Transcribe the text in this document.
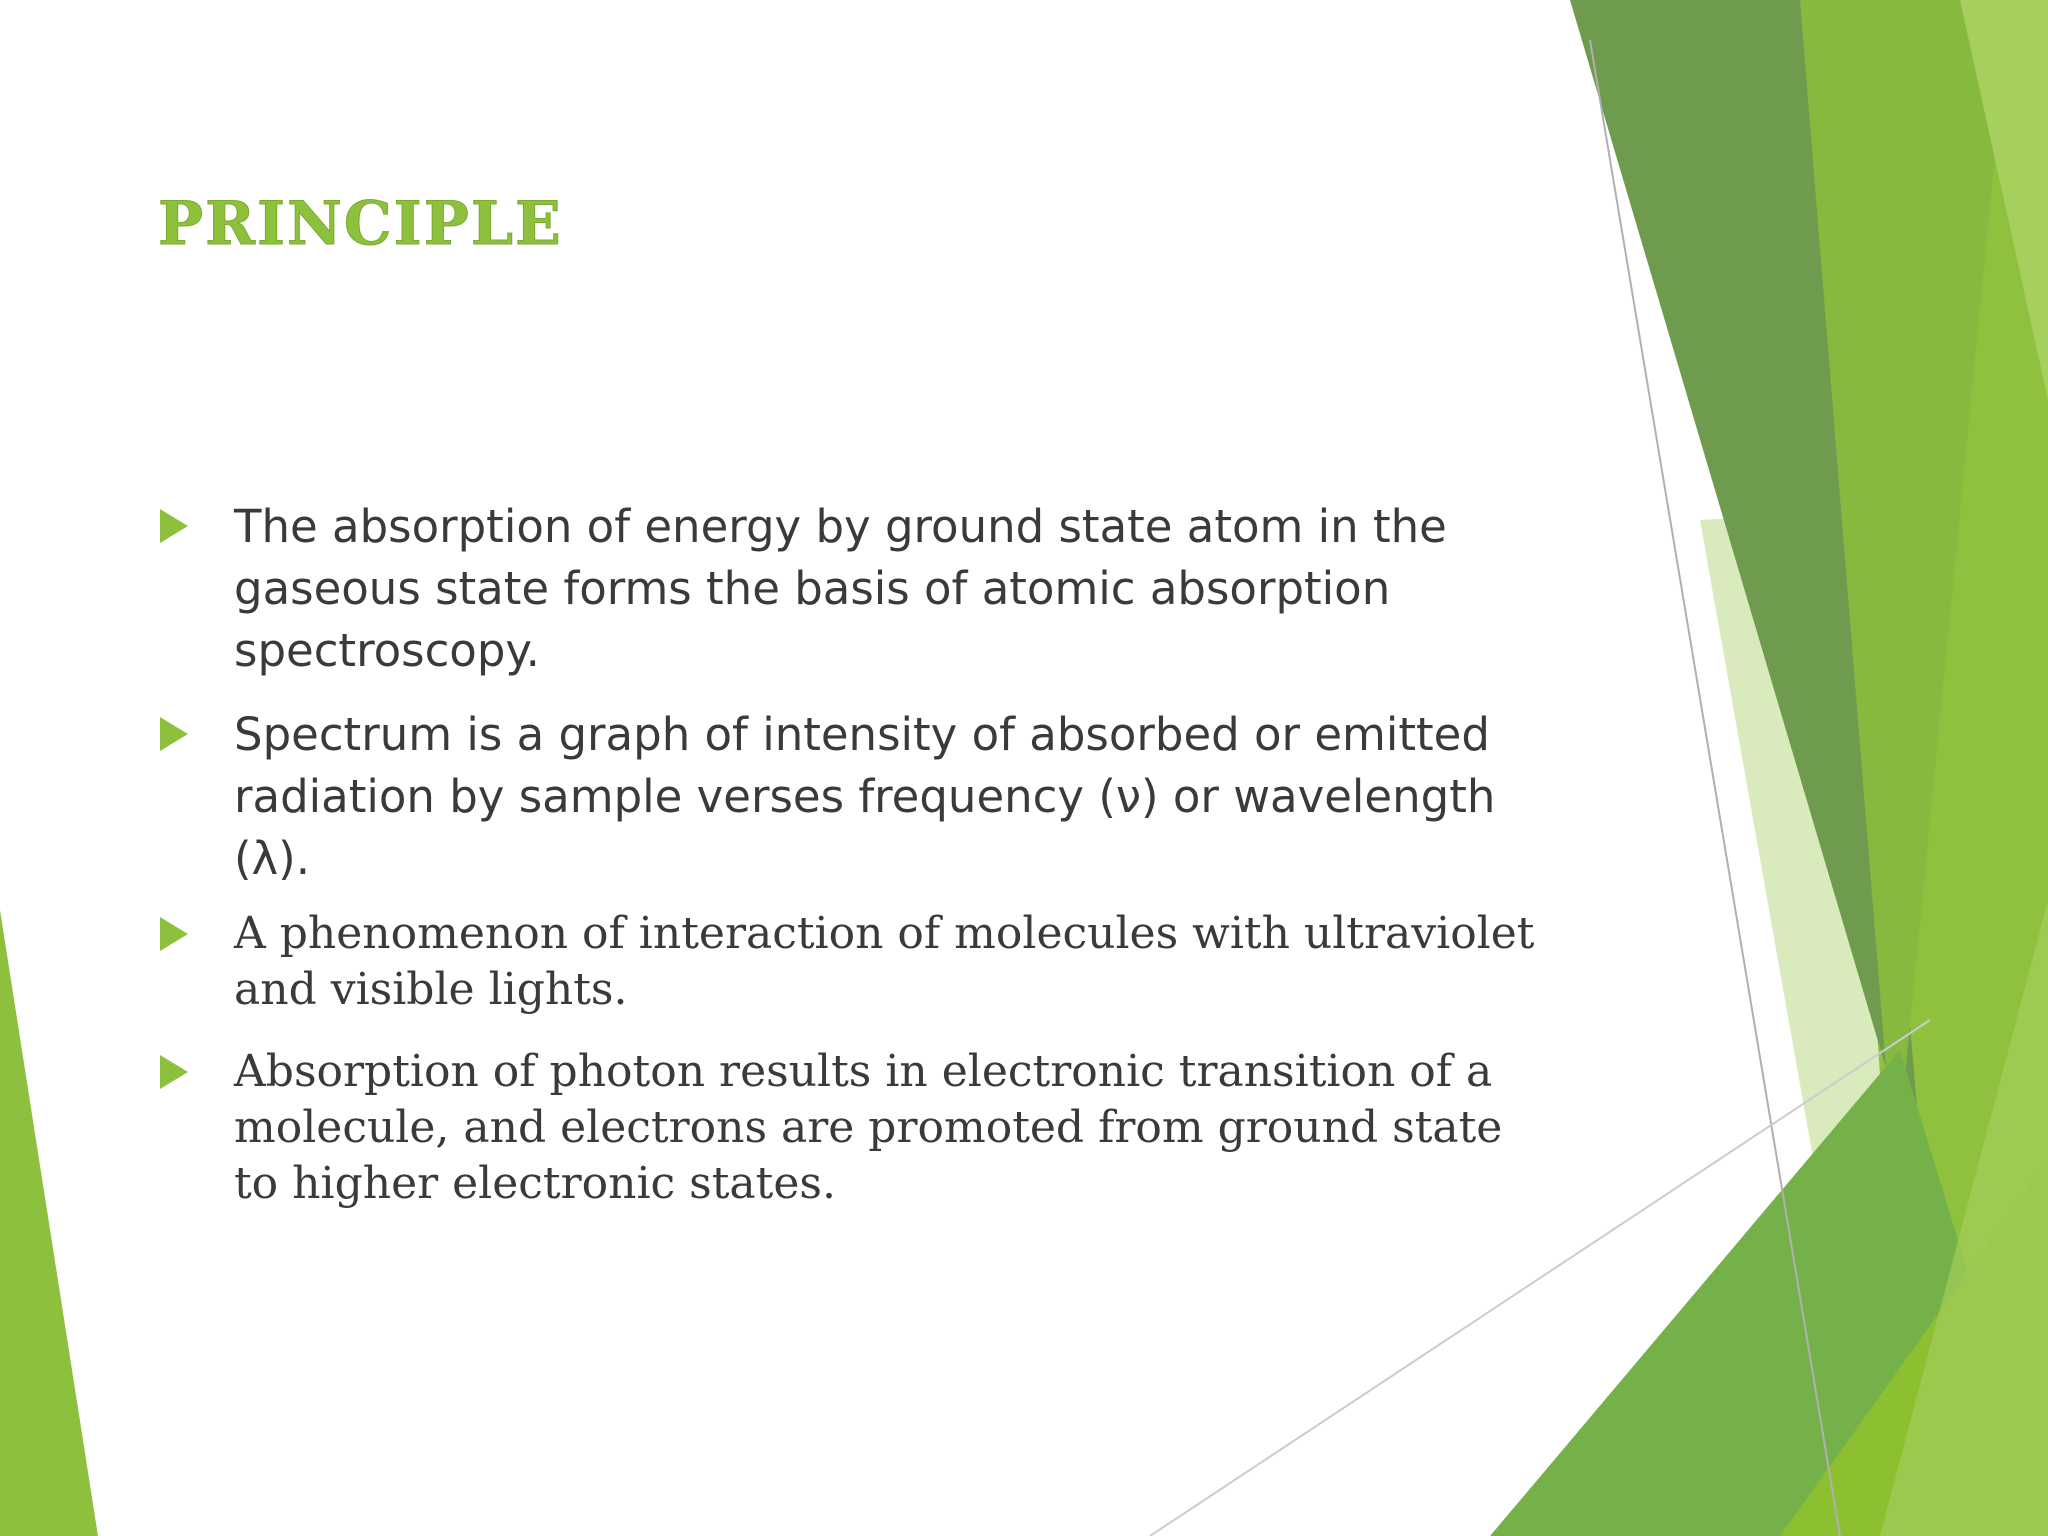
principle
The absorption of energy by ground state atom in the gaseous state forms the basis of atomic absorption spectroscopy.
Spectrum is a graph of intensity of absorbed or emitted radiation by sample verses frequency (ν) or wavelength (λ).
A phenomenon of interaction of molecules with ultraviolet and visible lights.
Absorption of photon results in electronic transition of a molecule, and electrons are promoted from ground state to higher electronic states.
